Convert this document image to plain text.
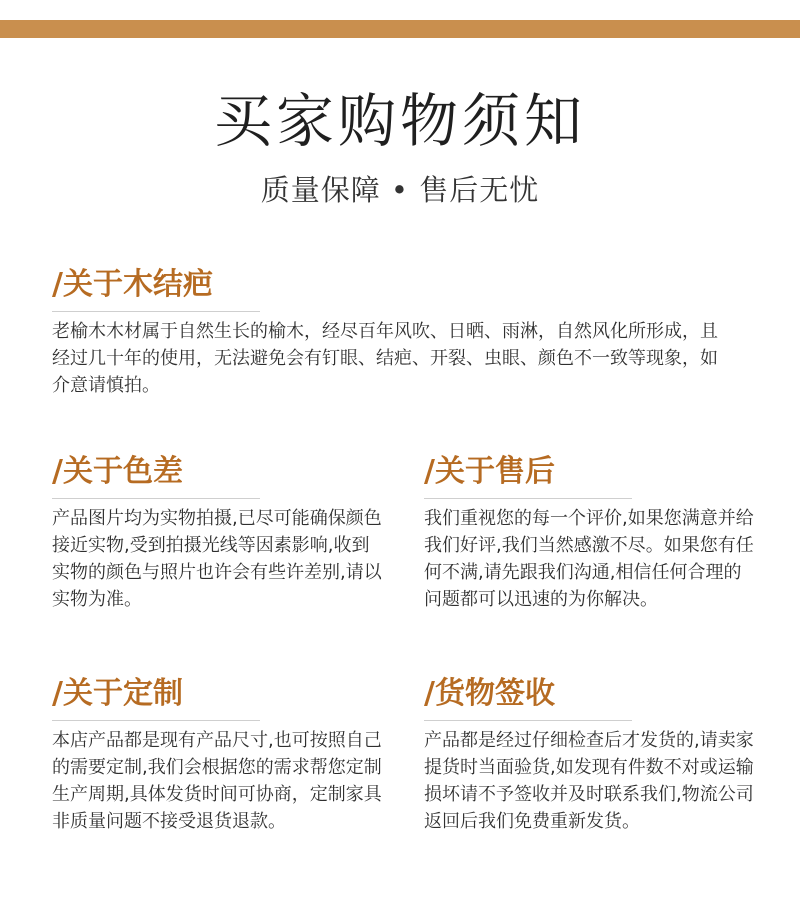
买家购物须知
质量保障 • 售后无忧
/关于木结疤
老榆木木材属于自然生长的榆木，经尽百年风吹、日晒、雨淋，自然风化所形成，且经过几十年的使用，无法避免会有钉眼、结疤、开裂、虫眼、颜色不一致等现象，如介意请慎拍。
/关于色差
产品图片均为实物拍摄,已尽可能确保颜色接近实物,受到拍摄光线等因素影响,收到实物的颜色与照片也许会有些许差别,请以实物为准。
/关于售后
我们重视您的每一个评价,如果您满意并给我们好评,我们当然感激不尽。如果您有任何不满,请先跟我们沟通,相信任何合理的问题都可以迅速的为你解决。
/关于定制
本店产品都是现有产品尺寸,也可按照自己的需要定制,我们会根据您的需求帮您定制生产周期,具体发货时间可协商，定制家具非质量问题不接受退货退款。
/货物签收
产品都是经过仔细检查后才发货的,请卖家提货时当面验货,如发现有件数不对或运输损坏请不予签收并及时联系我们,物流公司返回后我们免费重新发货。
